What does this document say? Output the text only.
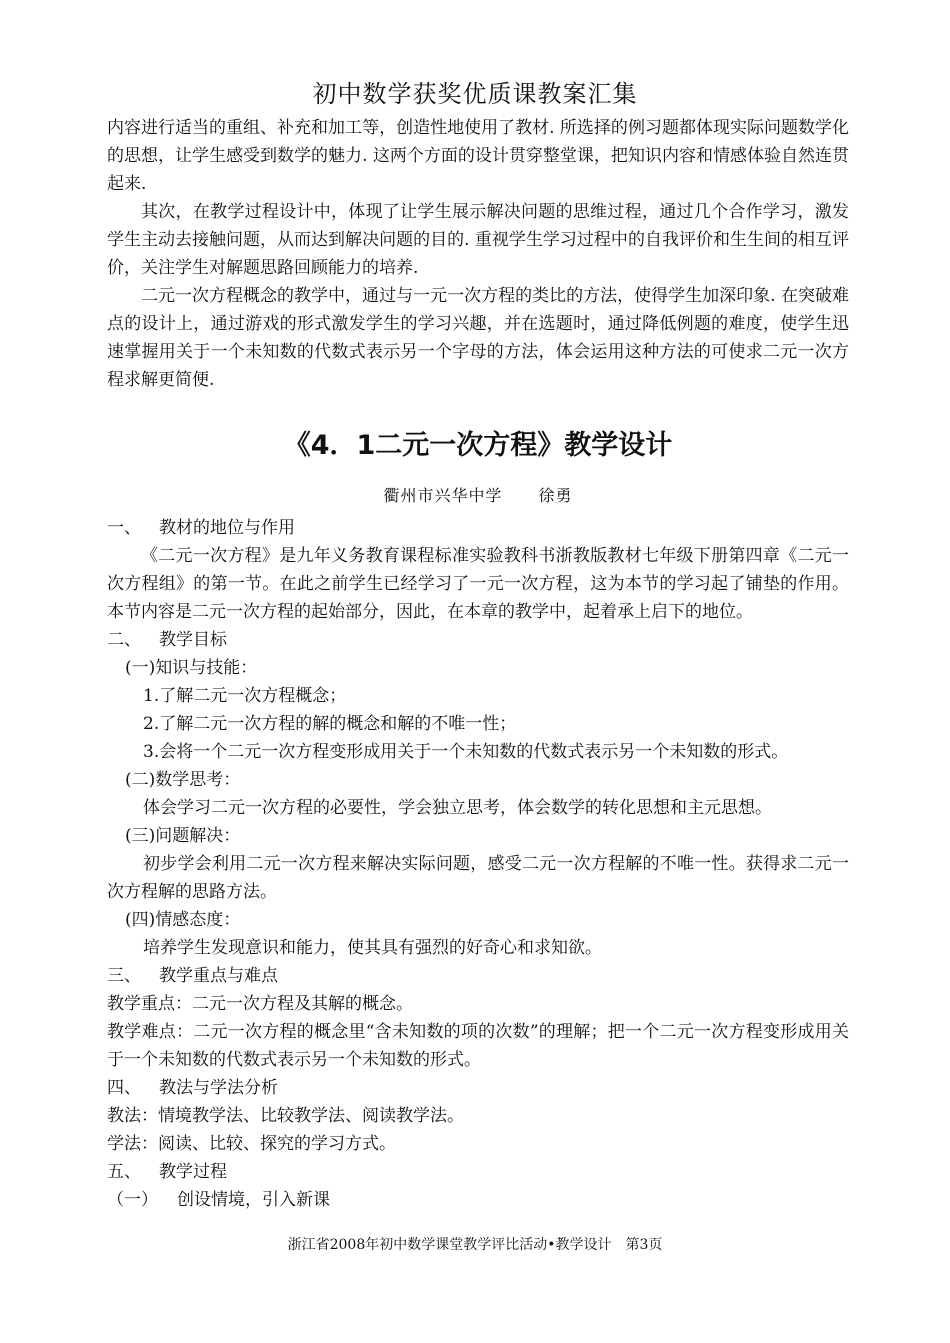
初中数学获奖优质课教案汇集

内容进行适当的重组、补充和加工等，创造性地使用了教材. 所选择的例习题都体现实际问题数学化的思想，让学生感受到数学的魅力. 这两个方面的设计贯穿整堂课，把知识内容和情感体验自然连贯起来.

其次，在教学过程设计中，体现了让学生展示解决问题的思维过程，通过几个合作学习，激发学生主动去接触问题，从而达到解决问题的目的. 重视学生学习过程中的自我评价和生生间的相互评价，关注学生对解题思路回顾能力的培养.

二元一次方程概念的教学中，通过与一元一次方程的类比的方法，使得学生加深印象. 在突破难点的设计上，通过游戏的形式激发学生的学习兴趣，并在选题时，通过降低例题的难度，使学生迅速掌握用关于一个未知数的代数式表示另一个字母的方法，体会运用这种方法的可使求二元一次方程求解更简便.

《4．1二元一次方程》教学设计
衢州市兴华中学 徐勇

一、 教材的地位与作用

《二元一次方程》是九年义务教育课程标准实验教科书浙教版教材七年级下册第四章《二元一次方程组》的第一节。在此之前学生已经学习了一元一次方程，这为本节的学习起了铺垫的作用。本节内容是二元一次方程的起始部分，因此，在本章的教学中，起着承上启下的地位。

二、 教学目标

(一)知识与技能：

1.了解二元一次方程概念；

2.了解二元一次方程的解的概念和解的不唯一性；

3.会将一个二元一次方程变形成用关于一个未知数的代数式表示另一个未知数的形式。

(二)数学思考：

体会学习二元一次方程的必要性，学会独立思考，体会数学的转化思想和主元思想。

(三)问题解决：

初步学会利用二元一次方程来解决实际问题，感受二元一次方程解的不唯一性。获得求二元一次方程解的思路方法。

(四)情感态度：

培养学生发现意识和能力，使其具有强烈的好奇心和求知欲。

三、 教学重点与难点

教学重点：二元一次方程及其解的概念。

教学难点：二元一次方程的概念里“含未知数的项的次数”的理解；把一个二元一次方程变形成用关于一个未知数的代数式表示另一个未知数的形式。

四、 教法与学法分析

教法：情境教学法、比较教学法、阅读教学法。

学法：阅读、比较、探究的学习方式。

五、 教学过程

（一） 创设情境，引入新课

浙江省2008年初中数学课堂教学评比活动•教学设计 第3页
